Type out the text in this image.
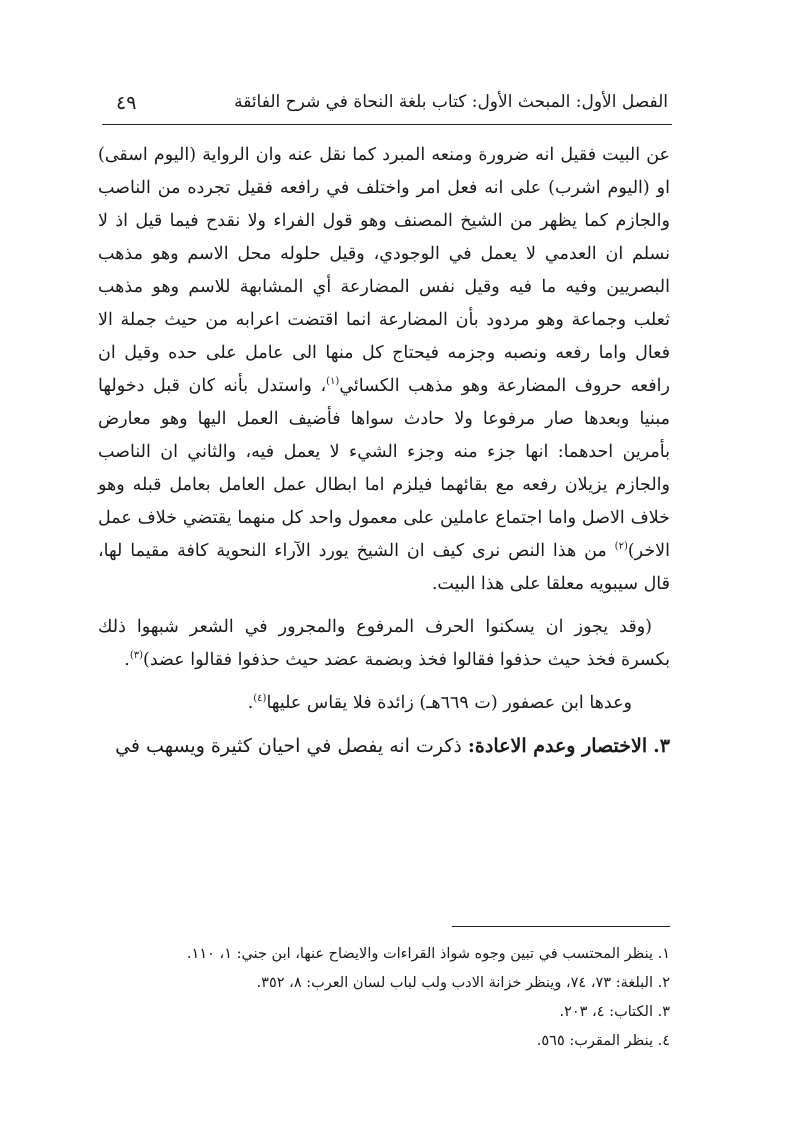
الفصل الأول: المبحث الأول: كتاب بلغة النحاة في شرح الفائقة
٤٩

عن البيت فقيل انه ضرورة ومنعه المبرد كما نقل عنه وان الرواية (اليوم اسقى) او (اليوم اشرب) على انه فعل امر واختلف في رافعه فقيل تجرده من الناصب والجازم كما يظهر من الشيخ المصنف وهو قول الفراء ولا نقدح فيما قيل اذ لا نسلم ان العدمي لا يعمل في الوجودي، وقيل حلوله محل الاسم وهو مذهب البصريين وفيه ما فيه وقيل نفس المضارعة أي المشابهة للاسم وهو مذهب ثعلب وجماعة وهو مردود بأن المضارعة انما اقتضت اعرابه من حيث جملة الا فعال واما رفعه ونصبه وجزمه فيحتاج كل منها الى عامل على حده وقيل ان رافعه حروف المضارعة وهو مذهب الكسائي$^{(١)}$، واستدل بأنه كان قبل دخولها مبنيا وبعدها صار مرفوعا ولا حادث سواها فأضيف العمل اليها وهو معارض بأمرين احدهما: انها جزء منه وجزء الشيء لا يعمل فيه، والثاني ان الناصب والجازم يزيلان رفعه مع بقائهما فيلزم اما ابطال عمل العامل بعامل قبله وهو خلاف الاصل واما اجتماع عاملين على معمول واحد كل منهما يقتضي خلاف عمل الاخر)$^{(٢)}$ من هذا النص نرى كيف ان الشيخ يورد الآراء النحوية كافة مقيما لها، قال سيبويه معلقا على هذا البيت.

(وقد يجوز ان يسكنوا الحرف المرفوع والمجرور في الشعر شبهوا ذلك بكسرة فخذ حيث حذفوا فقالوا فخذ وبضمة عضد حيث حذفوا فقالوا عضد)$^{(٣)}$.

وعدها ابن عصفور (ت ٦٦٩هـ) زائدة فلا يقاس عليها$^{(٤)}$.

٣. الاختصار وعدم الاعادة: ذكرت انه يفصل في احيان كثيرة ويسهب في

١. ينظر المحتسب في تبين وجوه شواذ القراءات والايضاح عنها، ابن جني: ١، ١١٠.

٢. البلغة: ٧٣، ٧٤، وينظر خزانة الادب ولب لباب لسان العرب: ٨، ٣٥٢.

٣. الكتاب: ٤، ٢٠٣.

٤. ينظر المقرب: ٥٦٥.
